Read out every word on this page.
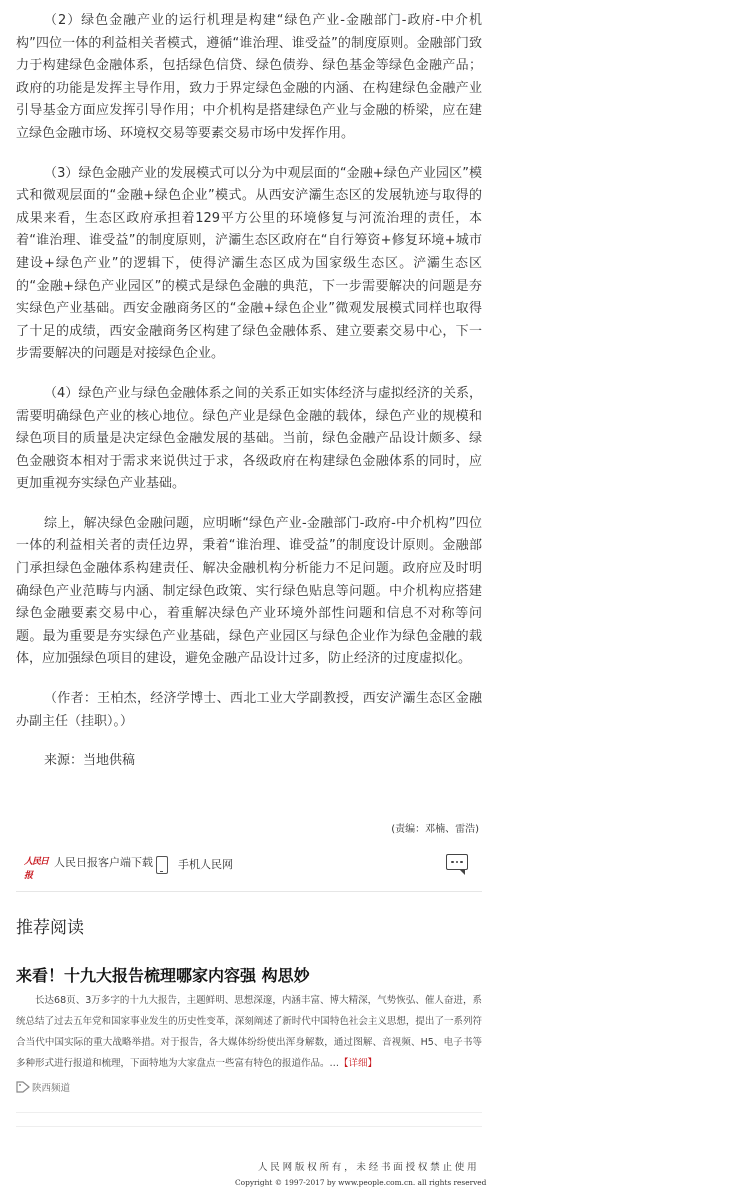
（2）绿色金融产业的运行机理是构建“绿色产业-金融部门-政府-中介机构”四位一体的利益相关者模式，遵循“谁治理、谁受益”的制度原则。金融部门致力于构建绿色金融体系，包括绿色信贷、绿色债券、绿色基金等绿色金融产品；政府的功能是发挥主导作用，致力于界定绿色金融的内涵、在构建绿色金融产业引导基金方面应发挥引导作用；中介机构是搭建绿色产业与金融的桥梁，应在建立绿色金融市场、环境权交易等要素交易市场中发挥作用。

（3）绿色金融产业的发展模式可以分为中观层面的“金融+绿色产业园区”模式和微观层面的“金融+绿色企业”模式。从西安浐灞生态区的发展轨迹与取得的成果来看，生态区政府承担着129平方公里的环境修复与河流治理的责任，本着“谁治理、谁受益”的制度原则，浐灞生态区政府在“自行筹资+修复环境+城市建设+绿色产业”的逻辑下，使得浐灞生态区成为国家级生态区。浐灞生态区的“金融+绿色产业园区”的模式是绿色金融的典范，下一步需要解决的问题是夯实绿色产业基础。西安金融商务区的“金融+绿色企业”微观发展模式同样也取得了十足的成绩，西安金融商务区构建了绿色金融体系、建立要素交易中心，下一步需要解决的问题是对接绿色企业。

（4）绿色产业与绿色金融体系之间的关系正如实体经济与虚拟经济的关系，需要明确绿色产业的核心地位。绿色产业是绿色金融的载体，绿色产业的规模和绿色项目的质量是决定绿色金融发展的基础。当前，绿色金融产品设计颇多、绿色金融资本相对于需求来说供过于求，各级政府在构建绿色金融体系的同时，应更加重视夯实绿色产业基础。

综上，解决绿色金融问题，应明晰“绿色产业-金融部门-政府-中介机构”四位一体的利益相关者的责任边界，秉着“谁治理、谁受益”的制度设计原则。金融部门承担绿色金融体系构建责任、解决金融机构分析能力不足问题。政府应及时明确绿色产业范畴与内涵、制定绿色政策、实行绿色贴息等问题。中介机构应搭建绿色金融要素交易中心，着重解决绿色产业环境外部性问题和信息不对称等问题。最为重要是夯实绿色产业基础，绿色产业园区与绿色企业作为绿色金融的载体，应加强绿色项目的建设，避免金融产品设计过多，防止经济的过度虚拟化。

（作者：王柏杰，经济学博士、西北工业大学副教授，西安浐灞生态区金融办副主任（挂职）。）

来源：当地供稿

(责编：邓楠、雷浩)
人民日报
人民日报客户端下载 手机人民网
推荐阅读
来看！十九大报告梳理哪家内容强 构思妙
长达68页、3万多字的十九大报告，主题鲜明、思想深邃，内涵丰富、博大精深，气势恢弘、催人奋进，系统总结了过去五年党和国家事业发生的历史性变革，深刻阐述了新时代中国特色社会主义思想，提出了一系列符合当代中国实际的重大战略举措。对于报告，各大媒体纷纷使出浑身解数，通过图解、音视频、H5、电子书等多种形式进行报道和梳理，下面特地为大家盘点一些富有特色的报道作品。…【详细】
陕西频道
人民网版权所有，未经书面授权禁止使用
Copyright © 1997-2017 by www.people.com.cn. all rights reserved
